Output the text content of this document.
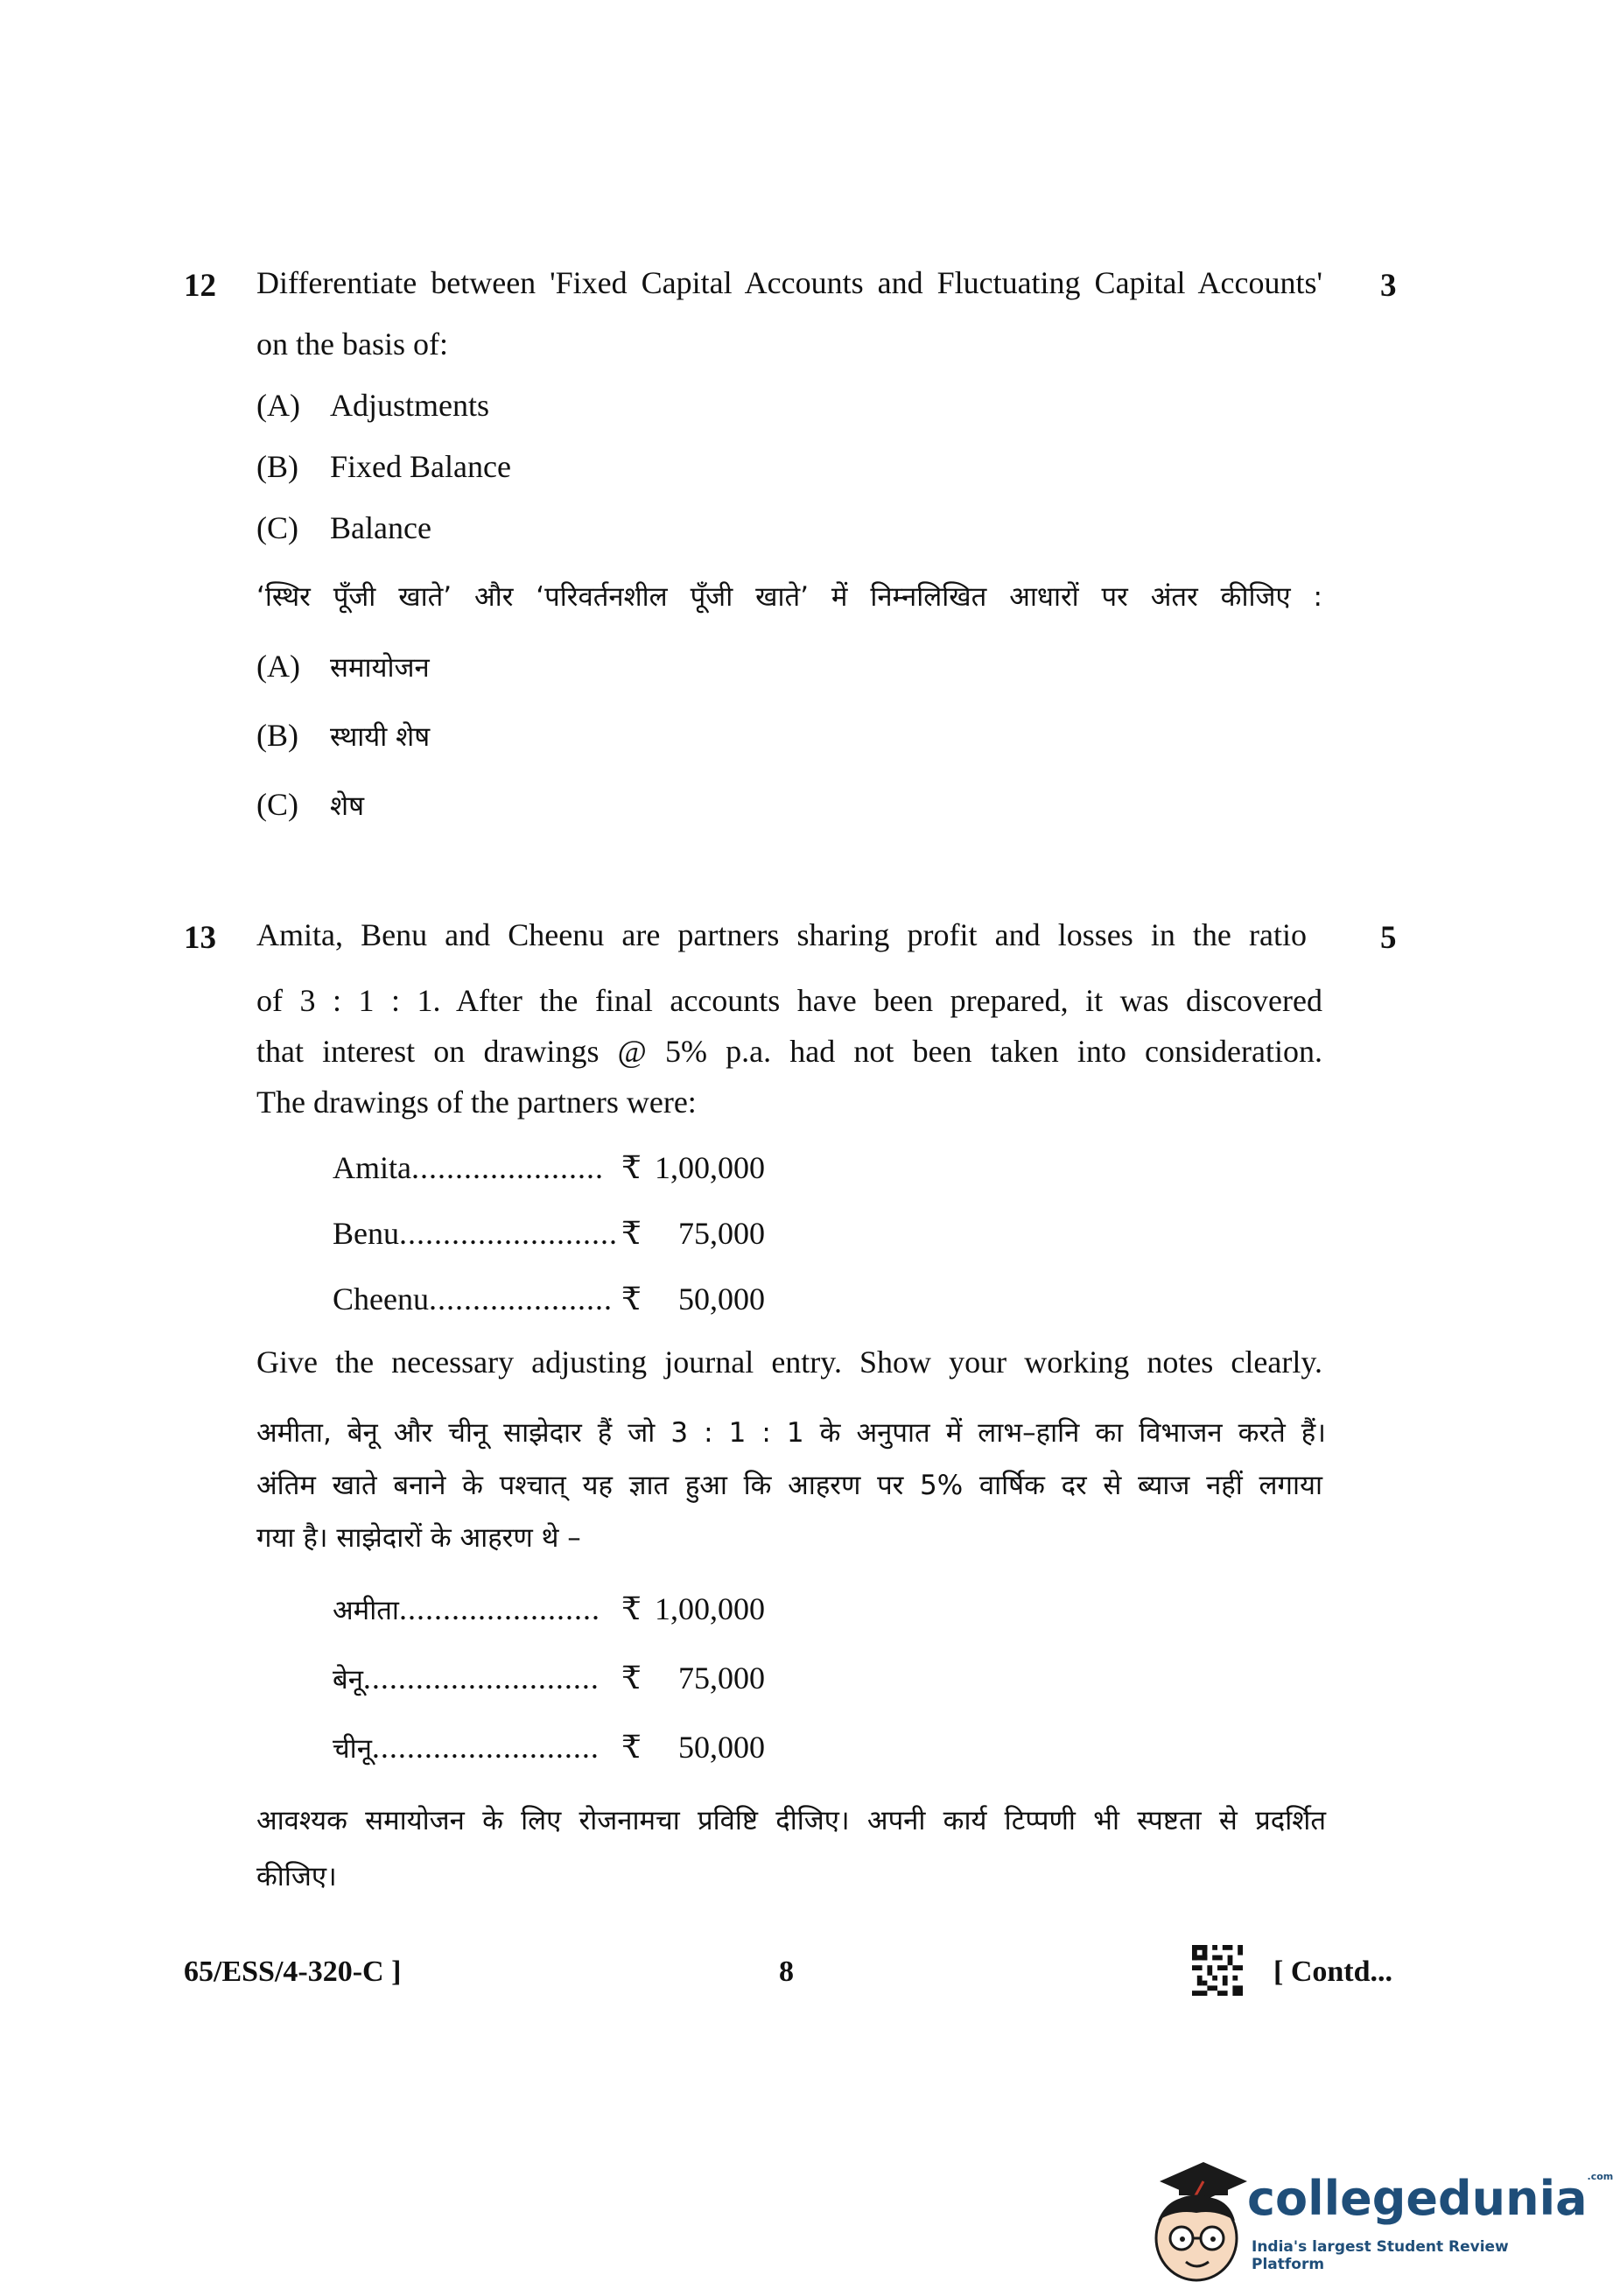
12	3
Differentiate between 'Fixed Capital Accounts and Fluctuating Capital Accounts'
on the basis of:
(A) Adjustments
(B) Fixed Balance
(C) Balance
‘स्थिर पूँजी खाते’ और ‘परिवर्तनशील पूँजी खाते’ में निम्नलिखित आधारों पर अंतर कीजिए :
(A) समायोजन
(B) स्थायी शेष
(C) शेष
13	5
Amita, Benu and Cheenu are partners sharing profit and losses in the ratio
of 3 : 1 : 1. After the final accounts have been prepared, it was discovered
that interest on drawings @ 5% p.a. had not been taken into consideration.
The drawings of the partners were:
Amita...................... ₹ 1,00,000
Benu......................... ₹ 75,000
Cheenu..................... ₹ 50,000
Give the necessary adjusting journal entry. Show your working notes clearly.
अमीता, बेनू और चीनू साझेदार हैं जो 3 : 1 : 1 के अनुपात में लाभ–हानि का विभाजन करते हैं।
अंतिम खाते बनाने के पश्चात् यह ज्ञात हुआ कि आहरण पर 5% वार्षिक दर से ब्याज नहीं लगाया
गया है। साझेदारों के आहरण थे –
अमीता....................... ₹ 1,00,000
बेनू........................... ₹ 75,000
चीनू.......................... ₹ 50,000
आवश्यक समायोजन के लिए रोजनामचा प्रविष्टि दीजिए। अपनी कार्य टिप्पणी भी स्पष्टता से प्रदर्शित
कीजिए।
65/ESS/4-320-C ]	8	[ Contd...
collegedunia$^{.com}$
India's largest Student Review Platform
